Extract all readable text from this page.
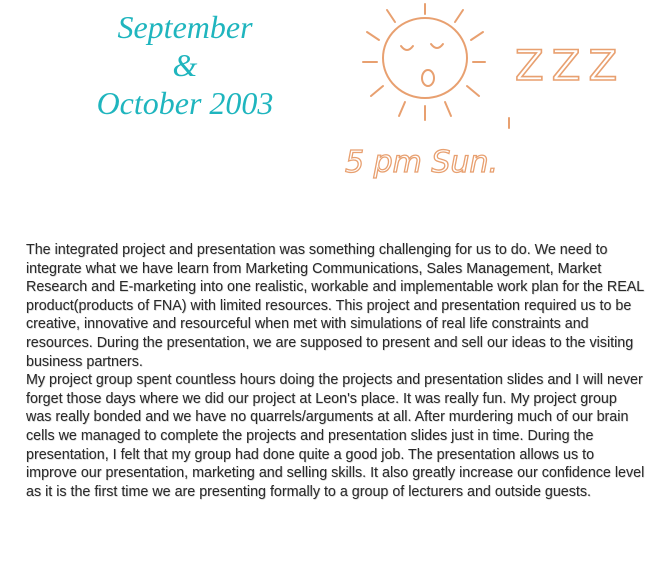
September
&
October 2003
ZZZ
5 pm Sun.

The integrated project and presentation was something challenging for us to do. We need to integrate what we have learn from Marketing Communications, Sales Management, Market Research and E-marketing into one realistic, workable and implementable work plan for the REAL product(products of FNA) with limited resources. This project and presentation required us to be creative, innovative and resourceful when met with simulations of real life constraints and resources. During the presentation, we are supposed to present and sell our ideas to the visiting business partners.

My project group spent countless hours doing the projects and presentation slides and I will never forget those days where we did our project at Leon's place. It was really fun. My project group was really bonded and we have no quarrels/arguments at all. After murdering much of our brain cells we managed to complete the projects and presentation slides just in time. During the presentation, I felt that my group had done quite a good job. The presentation allows us to improve our presentation, marketing and selling skills. It also greatly increase our confidence level as it is the first time we are presenting formally to a group of lecturers and outside guests.
